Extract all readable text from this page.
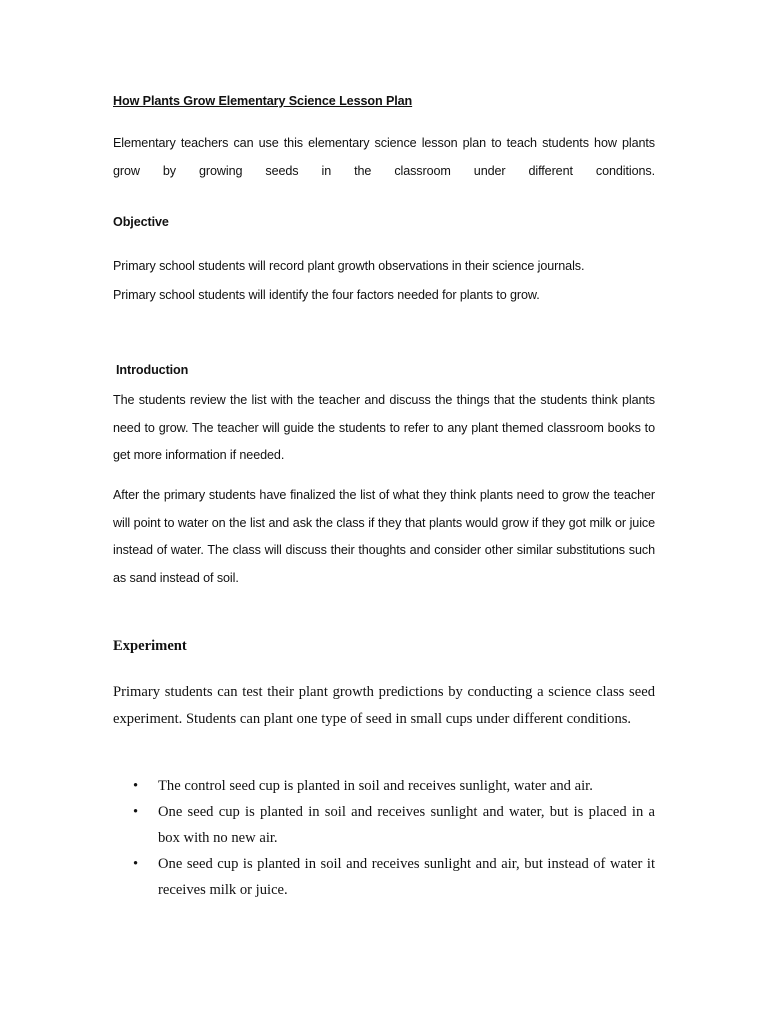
How Plants Grow Elementary Science Lesson Plan

Elementary teachers can use this elementary science lesson plan to teach students how plants grow by growing seeds in the classroom under different conditions.

Objective

Primary school students will record plant growth observations in their science journals.
Primary school students will identify the four factors needed for plants to grow.

Introduction

The students review the list with the teacher and discuss the things that the students think plants need to grow. The teacher will guide the students to refer to any plant themed classroom books to get more information if needed.

After the primary students have finalized the list of what they think plants need to grow the teacher will point to water on the list and ask the class if they that plants would grow if they got milk or juice instead of water. The class will discuss their thoughts and consider other similar substitutions such as sand instead of soil.

Experiment

Primary students can test their plant growth predictions by conducting a science class seed experiment. Students can plant one type of seed in small cups under different conditions.

• The control seed cup is planted in soil and receives sunlight, water and air.
• One seed cup is planted in soil and receives sunlight and water, but is placed in a box with no new air.
• One seed cup is planted in soil and receives sunlight and air, but instead of water it receives milk or juice.
